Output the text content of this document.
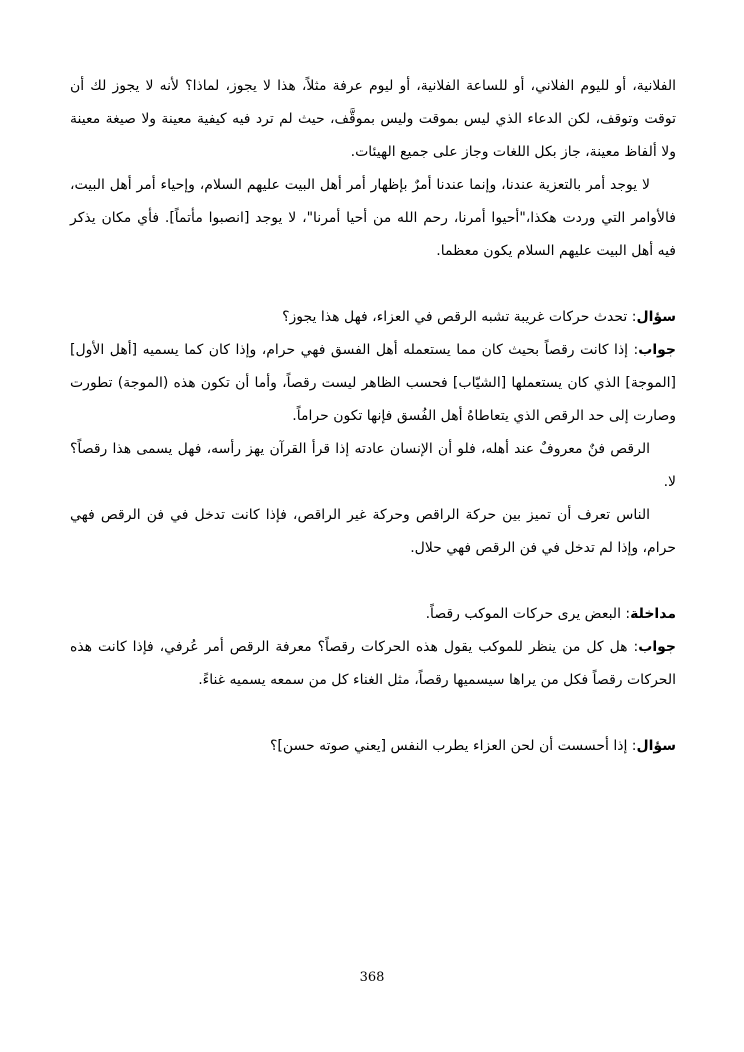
الفلانية، أو لليوم الفلاني، أو للساعة الفلانية، أو ليوم عرفة مثلاً، هذا لا يجوز، لماذا؟ لأنه لا يجوز لك أن توقت وتوقف، لكن الدعاء الذي ليس بموقت وليس بموقَّف، حيث لم ترد فيه كيفية معينة ولا صيغة معينة ولا ألفاظ معينة، جاز بكل اللغات وجاز على جميع الهيئات.

لا يوجد أمر بالتعزية عندنا، وإنما عندنا أمرٌ بإظهار أمر أهل البيت عليهم السلام، وإحياء أمر أهل البيت، فالأوامر التي وردت هكذا،"أحيوا أمرنا، رحم الله من أحيا أمرنا"، لا يوجد [انصبوا مأتماً]. فأي مكان يذكر فيه أهل البيت عليهم السلام يكون معظما.

سؤال: تحدث حركات غريبة تشبه الرقص في العزاء، فهل هذا يجوز؟

جواب: إذا كانت رقصاً بحيث كان مما يستعمله أهل الفسق فهي حرام، وإذا كان كما يسميه [أهل الأول] [الموجة] الذي كان يستعملها [الشيّاب] فحسب الظاهر ليست رقصاً، وأما أن تكون هذه (الموجة) تطورت وصارت إلى حد الرقص الذي يتعاطاهُ أهل الفُسق فإنها تكون حراماً.

الرقص فنٌ معروفٌ عند أهله، فلو أن الإنسان عادته إذا قرأ القرآن يهز رأسه، فهل يسمى هذا رقصاً؟ لا.

الناس تعرف أن تميز بين حركة الراقص وحركة غير الراقص، فإذا كانت تدخل في فن الرقص فهي حرام، وإذا لم تدخل في فن الرقص فهي حلال.

مداخلة: البعض يرى حركات الموكب رقصاً.

جواب: هل كل من ينظر للموكب يقول هذه الحركات رقصاً؟ معرفة الرقص أمر عُرفي، فإذا كانت هذه الحركات رقصاً فكل من يراها سيسميها رقصاً، مثل الغناء كل من سمعه يسميه غناءً.

سؤال: إذا أحسست أن لحن العزاء يطرب النفس [يعني صوته حسن]؟

368
